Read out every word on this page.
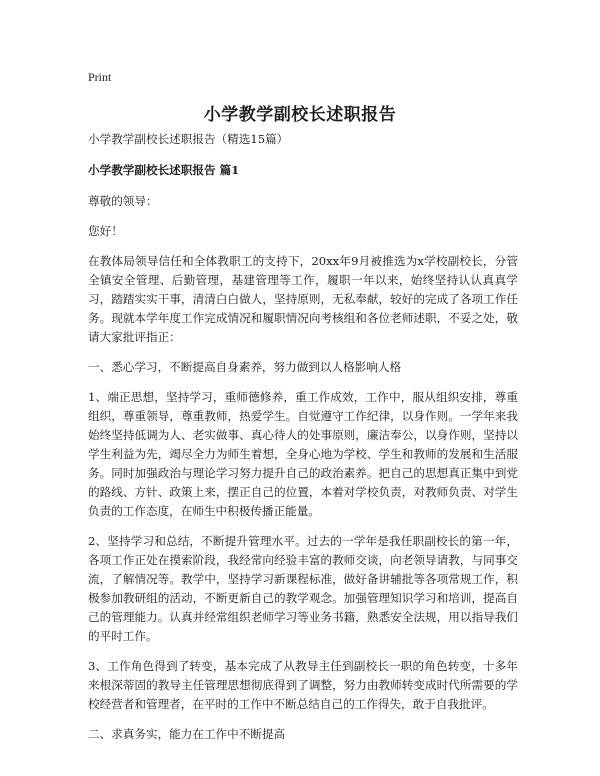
Print
小学教学副校长述职报告

小学教学副校长述职报告（精选15篇）

小学教学副校长述职报告 篇1

尊敬的领导：

您好！

在教体局领导信任和全体教职工的支持下，20xx年9月被推选为x学校副校长，分管全镇安全管理、后勤管理，基建管理等工作，履职一年以来，始终坚持认认真真学习，踏踏实实干事，清清白白做人，坚持原则，无私奉献，较好的完成了各项工作任务。现就本学年度工作完成情况和履职情况向考核组和各位老师述职，不妥之处，敬请大家批评指正：

一、悉心学习，不断提高自身素养，努力做到以人格影响人格

1、端正思想，坚持学习，重师德修养，重工作成效，工作中，服从组织安排，尊重组织，尊重领导，尊重教师，热爱学生。自觉遵守工作纪律，以身作则。一学年来我始终坚持低调为人、老实做事、真心待人的处事原则，廉洁奉公，以身作则，坚持以学生利益为先，竭尽全力为师生着想，全身心地为学校、学生和教师的发展和生活服务。同时加强政治与理论学习努力提升自己的政治素养。把自己的思想真正集中到党的路线、方针、政策上来，摆正自己的位置，本着对学校负责，对教师负责、对学生负责的工作态度，在师生中积极传播正能量。

2、坚持学习和总结，不断提升管理水平。过去的一学年是我任职副校长的第一年，各项工作正处在摸索阶段，我经常向经验丰富的教师交谈，向老领导请教，与同事交流，了解情况等。教学中，坚持学习新课程标准，做好备讲辅批等各项常规工作，积极参加教研组的活动，不断更新自己的教学观念。加强管理知识学习和培训，提高自己的管理能力。认真并经常组织老师学习等业务书籍，熟悉安全法规，用以指导我们的平时工作。

3、工作角色得到了转变，基本完成了从教导主任到副校长一职的角色转变，十多年来根深蒂固的教导主任管理思想彻底得到了调整，努力由教师转变成时代所需要的学校经营者和管理者，在平时的工作中不断总结自己的工作得失，敢于自我批评。

二、求真务实，能力在工作中不断提高
